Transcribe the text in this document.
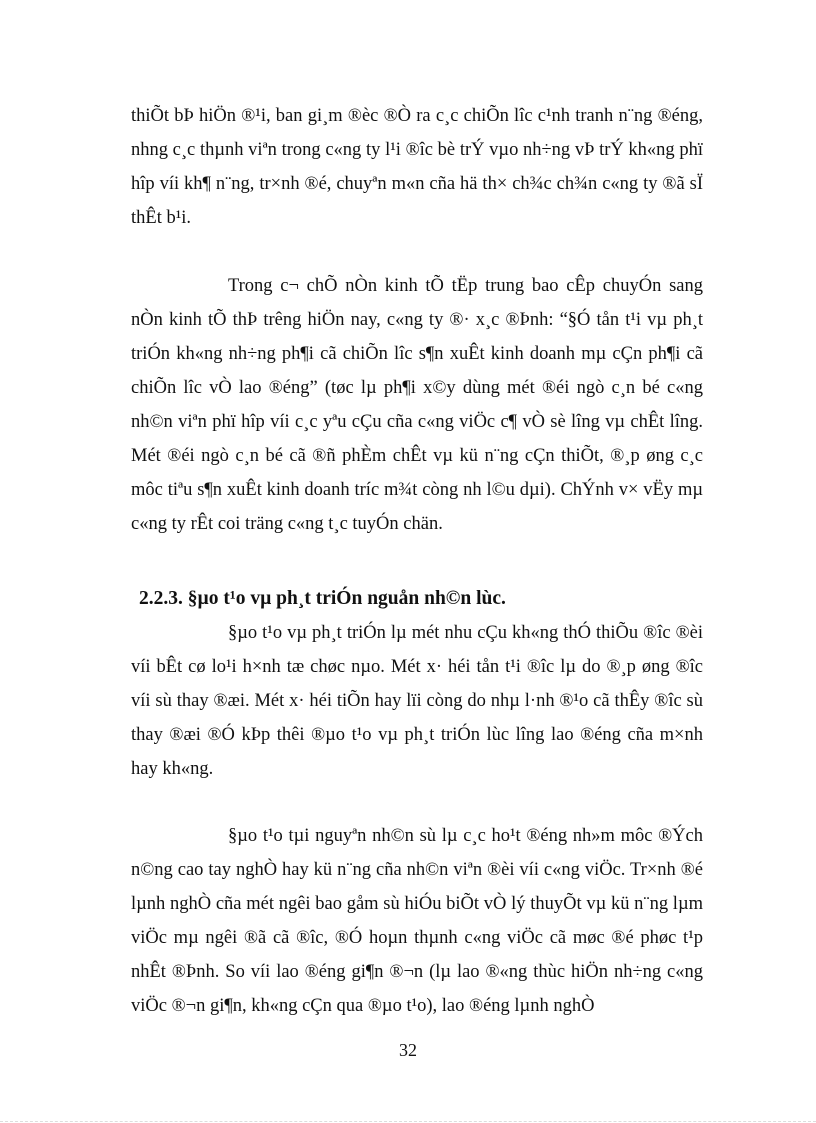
thiÕt bÞ hiÖn ®¹i, ban gi¸m ®èc ®Ò ra c¸c chiÕn lîc c¹nh tranh n¨ng ®éng, nhng c¸c thµnh viªn trong c«ng ty l¹i ®îc bè trÝ vµo nh÷ng vÞ trÝ kh«ng phï hîp víi kh¶ n¨ng, tr×nh ®é, chuyªn m«n cña hä th× ch¾c ch¾n c«ng ty ®ã sÏ thÊt b¹i.

Trong c¬ chÕ nÒn kinh tÕ tËp trung bao cÊp chuyÓn sang nÒn kinh tÕ thÞ trêng hiÖn nay, c«ng ty ®· x¸c ®Þnh: “§Ó tån t¹i vµ ph¸t triÓn kh«ng nh÷ng ph¶i cã chiÕn lîc s¶n xuÊt kinh doanh mµ cÇn ph¶i cã chiÕn lîc vÒ lao ®éng” (tøc lµ ph¶i x©y dùng mét ®éi ngò c¸n bé c«ng nh©n viªn phï hîp víi c¸c yªu cÇu cña c«ng viÖc c¶ vÒ sè lîng vµ chÊt lîng. Mét ®éi ngò c¸n bé cã ®ñ phÈm chÊt vµ kü n¨ng cÇn thiÕt, ®¸p øng c¸c môc tiªu s¶n xuÊt kinh doanh tríc m¾t còng nh l©u dµi). ChÝnh v× vËy mµ c«ng ty rÊt coi träng c«ng t¸c tuyÓn chän.

2.2.3. §µo t¹o vµ ph¸t triÓn nguån nh©n lùc.

§µo t¹o vµ ph¸t triÓn lµ mét nhu cÇu kh«ng thÓ thiÕu ®îc ®èi víi bÊt cø lo¹i h×nh tæ chøc nµo. Mét x· héi tån t¹i ®îc lµ do ®¸p øng ®îc víi sù thay ®æi. Mét x· héi tiÕn hay lïi còng do nhµ l·nh ®¹o cã thÊy ®îc sù thay ®æi ®Ó kÞp thêi ®µo t¹o vµ ph¸t triÓn lùc lîng lao ®éng cña m×nh hay kh«ng.

§µo t¹o tµi nguyªn nh©n sù lµ c¸c ho¹t ®éng nh»m môc ®Ých n©ng cao tay nghÒ hay kü n¨ng cña nh©n viªn ®èi víi c«ng viÖc. Tr×nh ®é lµnh nghÒ cña mét ngêi bao gåm sù hiÓu biÕt vÒ lý thuyÕt vµ kü n¨ng lµm viÖc mµ ngêi ®ã cã ®îc, ®Ó hoµn thµnh c«ng viÖc cã møc ®é phøc t¹p nhÊt ®Þnh. So víi lao ®éng gi¶n ®¬n (lµ lao ®«ng thùc hiÖn nh÷ng c«ng viÖc ®¬n gi¶n, kh«ng cÇn qua ®µo t¹o), lao ®éng lµnh nghÒ

32
